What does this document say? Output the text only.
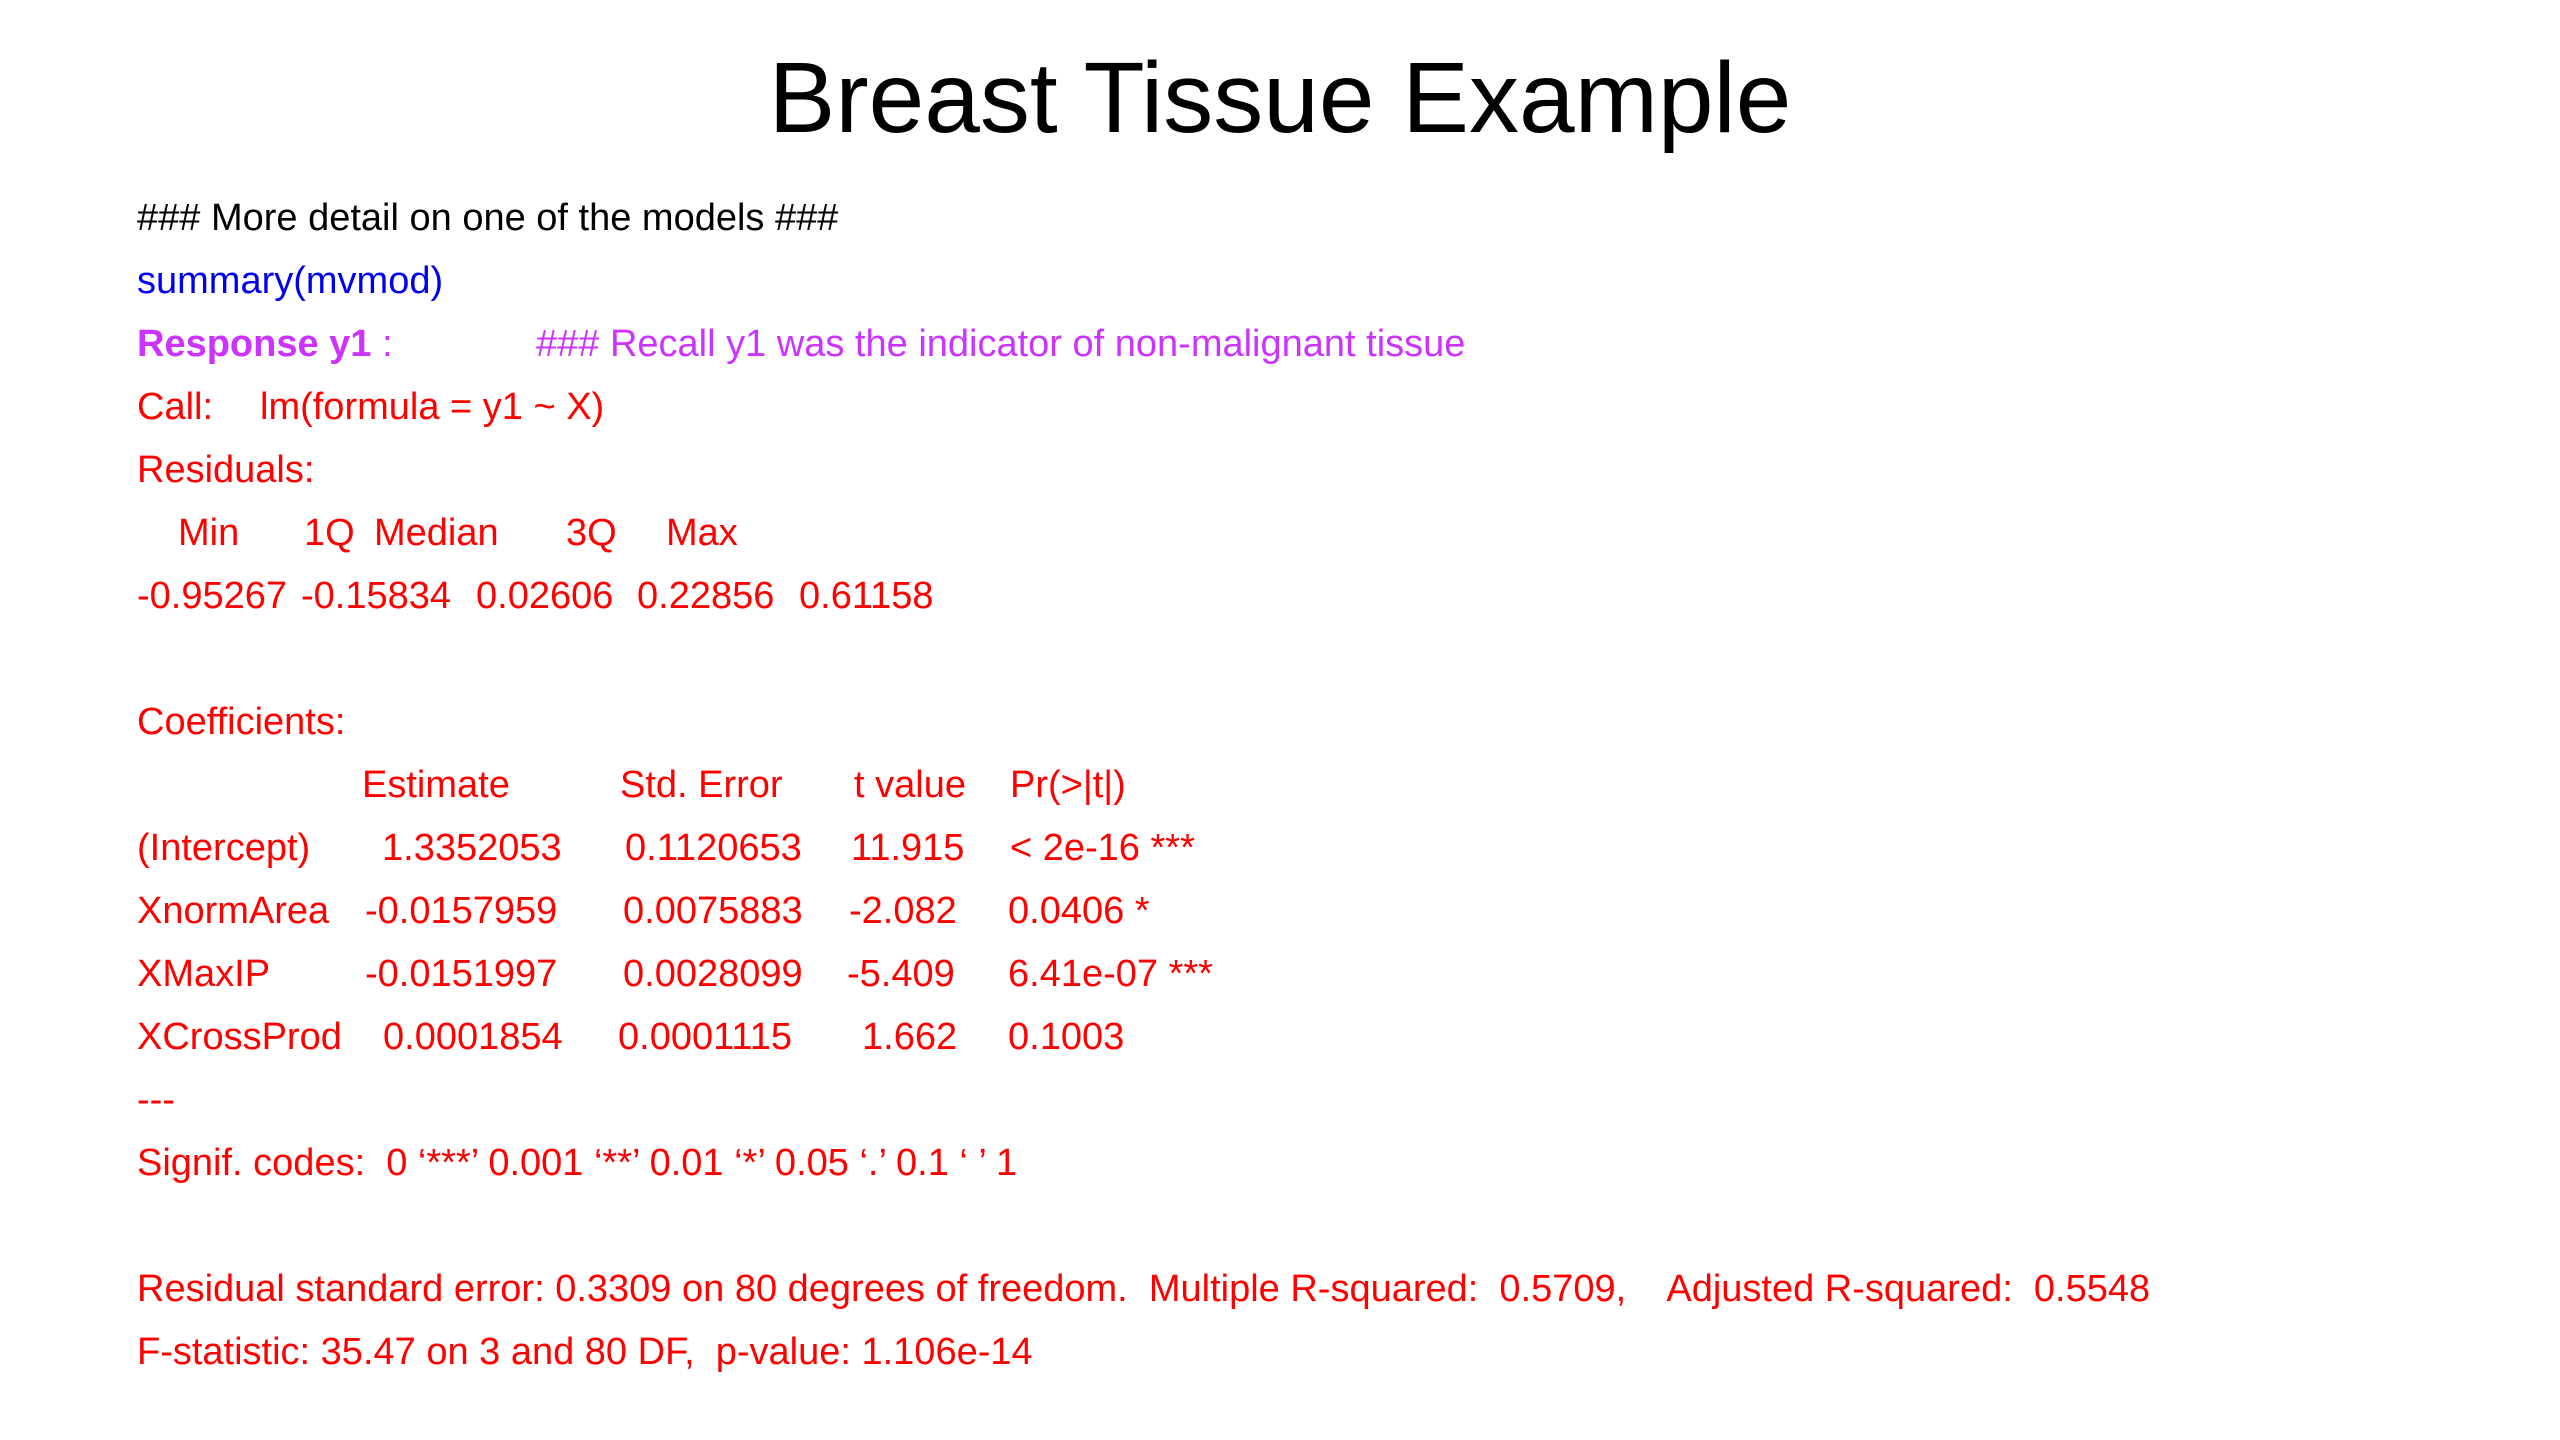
Breast Tissue Example
### More detail on one of the models ###
summary(mvmod)
Response y1 :	### Recall y1 was the indicator of non-malignant tissue
Call: lm(formula = y1 ~ X)
Residuals:
Min 1Q Median 3Q Max
-0.95267 -0.15834 0.02606 0.22856 0.61158
Coefficients:
Estimate	Std. Error t value Pr(>|t|)
(Intercept) 1.3352053 0.1120653 11.915 < 2e-16 ***
XnormArea -0.0157959 0.0075883 -2.082 0.0406 *
XMaxIP -0.0151997 0.0028099 -5.409 6.41e-07 ***
XCrossProd 0.0001854 0.0001115 1.662 0.1003
---
Signif. codes:  0 ‘***’ 0.001 ‘**’ 0.01 ‘*’ 0.05 ‘.’ 0.1 ‘ ’ 1
Residual standard error: 0.3309 on 80 degrees of freedom.  Multiple R-squared:  0.5709,    Adjusted R-squared:  0.5548
F-statistic: 35.47 on 3 and 80 DF,  p-value: 1.106e-14
